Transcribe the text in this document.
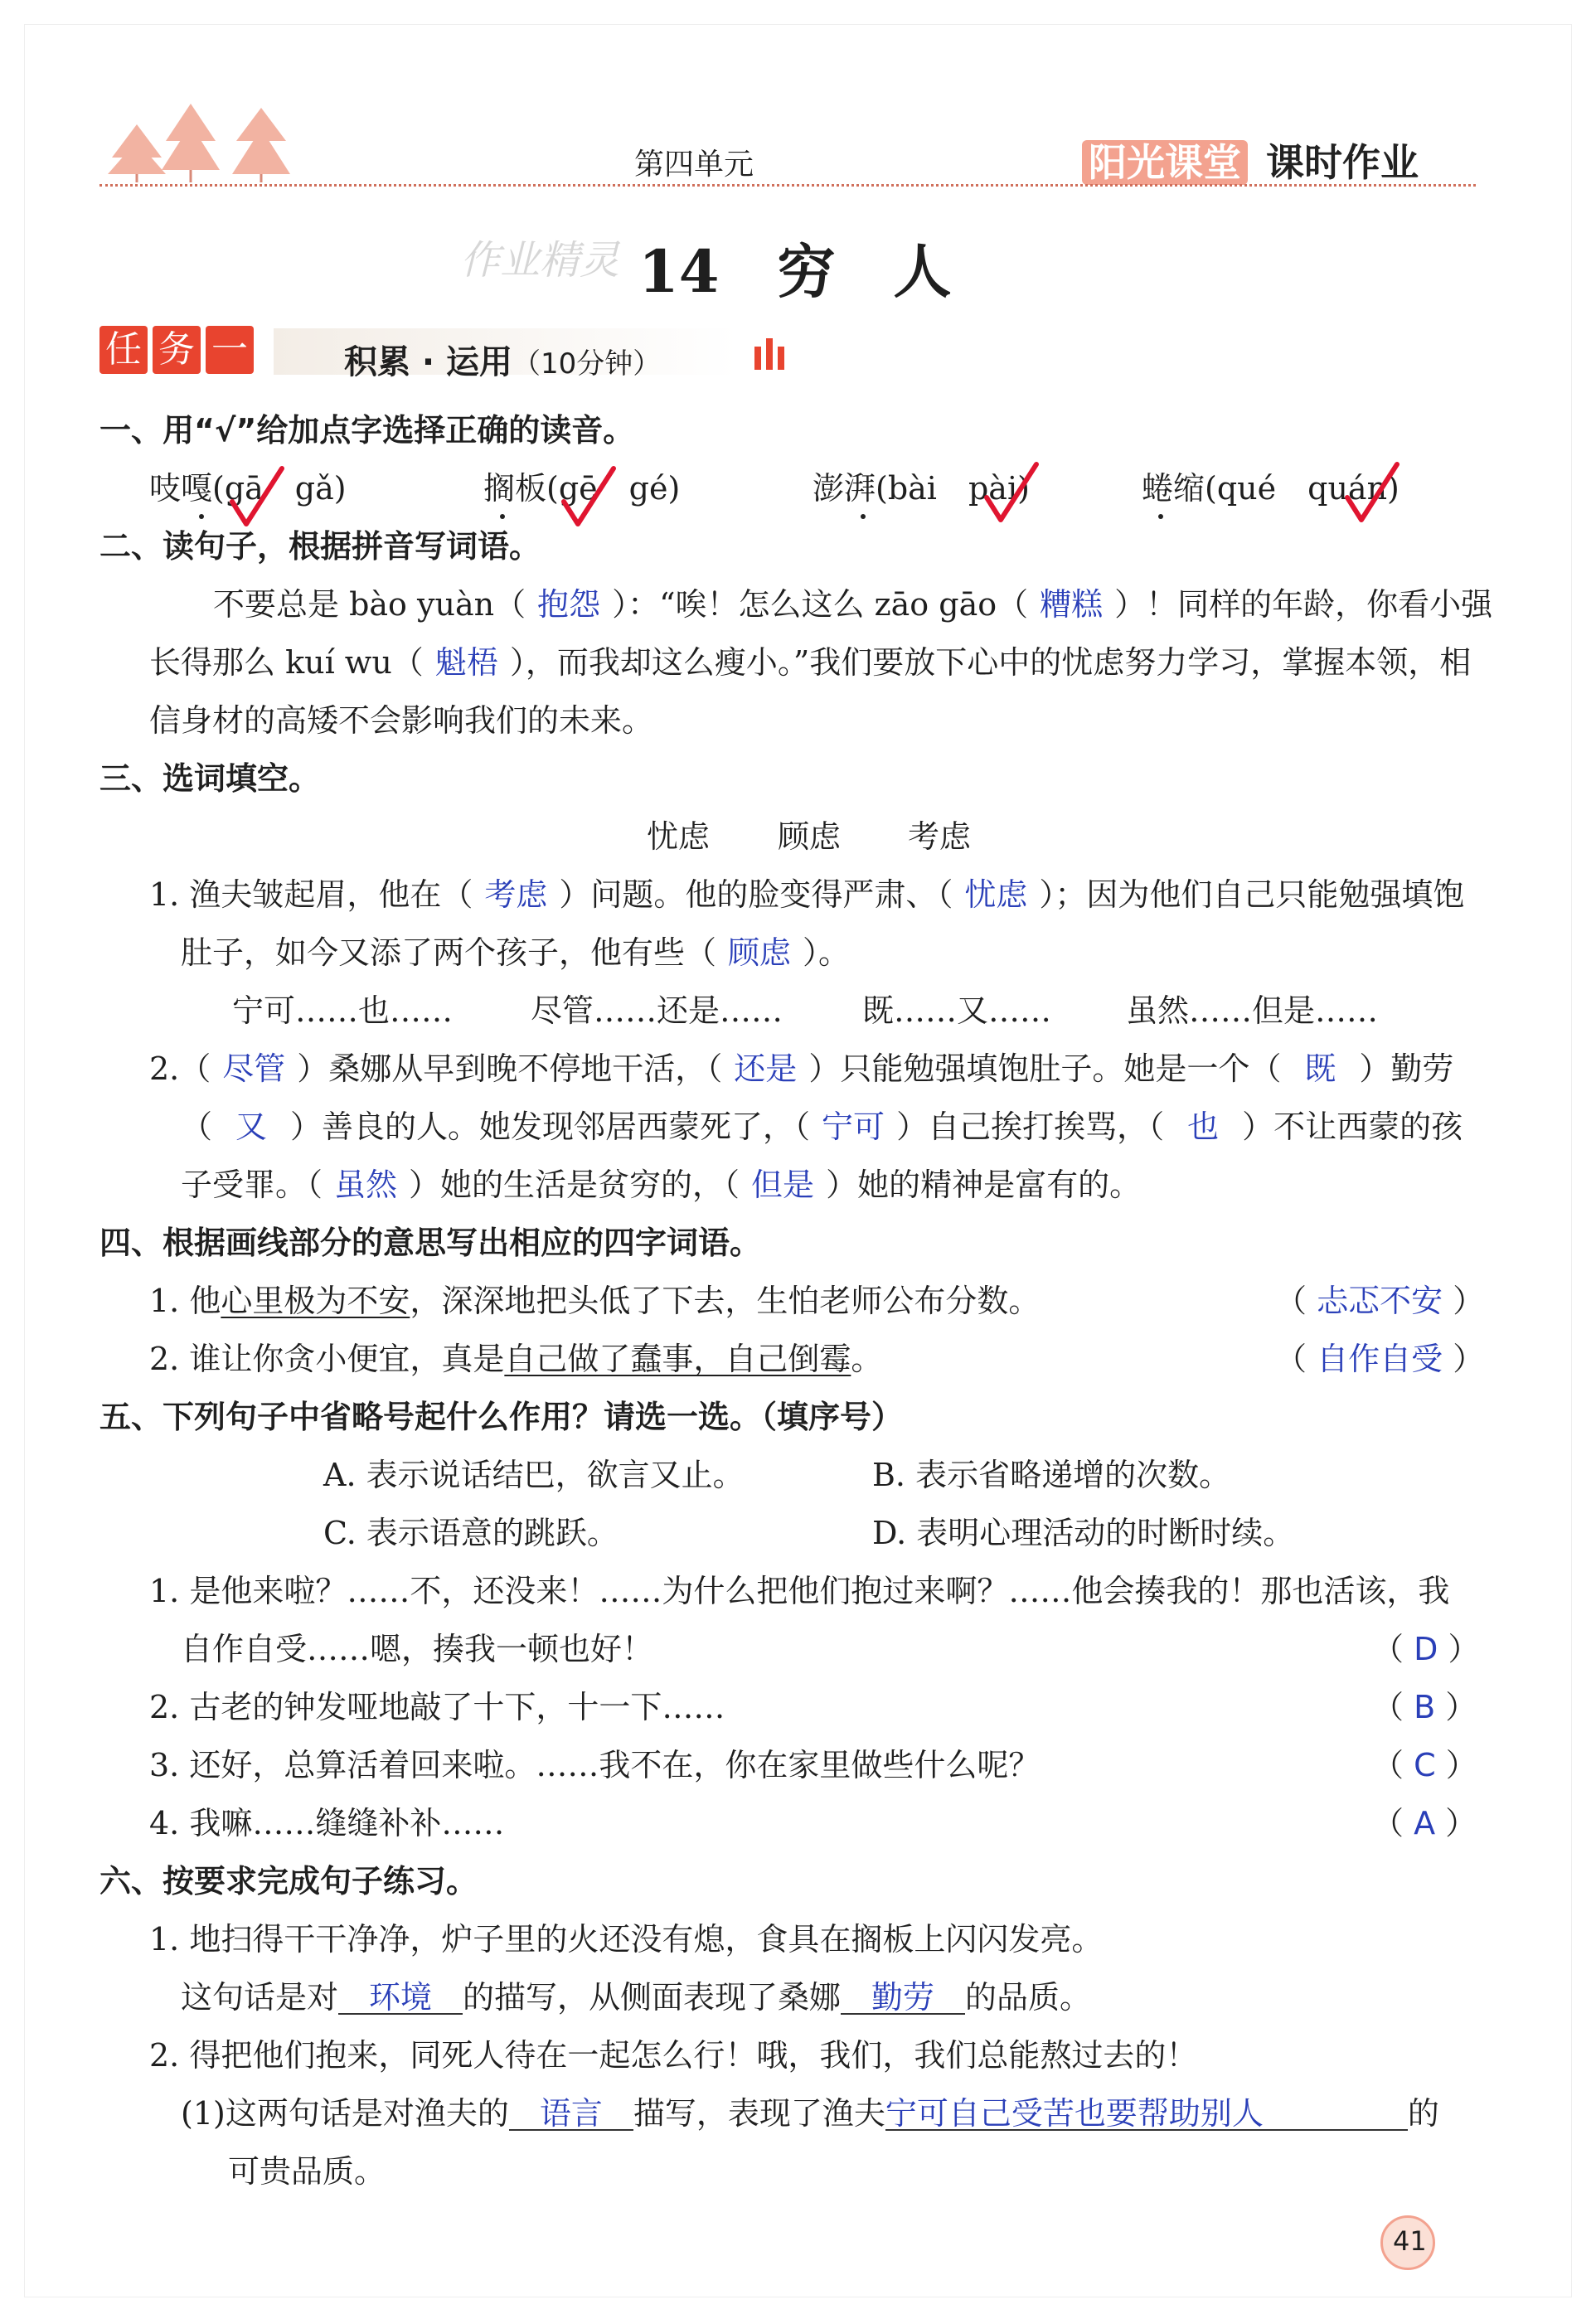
第四单元	阳光课堂 课时作业
作业精灵 14　穷　人
任 务 一	积累 · 运用（10分钟）
一、用“√”给加点字选择正确的读音。
吱嘎(gā　gǎ)	搁板(gē　gé)	澎湃(bài　pài)	蜷缩(qué　quán)
二、读句子，根据拼音写词语。
不要总是 bào yuàn（ 抱怨 ）：“唉！怎么这么 zāo gāo（ 糟糕 ）！同样的年龄，你看小强
长得那么 kuí wu（ 魁梧 ），而我却这么瘦小。”我们要放下心中的忧虑努力学习，掌握本领，相
信身材的高矮不会影响我们的未来。
三、选词填空。
忧虑 顾虑 考虑
1. 渔夫皱起眉，他在（ 考虑 ）问题。他的脸变得严肃、（ 忧虑 ）；因为他们自己只能勉强填饱
肚子，如今又添了两个孩子，他有些（ 顾虑 ）。
宁可……也…… 尽管……还是……	既……又…… 虽然……但是……
2.（ 尽管 ）桑娜从早到晚不停地干活，（ 还是 ）只能勉强填饱肚子。她是一个（ 既 ）勤劳
（ 又 ）善良的人。她发现邻居西蒙死了，（ 宁可 ）自己挨打挨骂，（ 也 ）不让西蒙的孩
子受罪。（ 虽然 ）她的生活是贫穷的，（ 但是 ）她的精神是富有的。
四、根据画线部分的意思写出相应的四字词语。
1. 他心里极为不安，深深地把头低了下去，生怕老师公布分数。	（ 忐忑不安 ）
2. 谁让你贪小便宜，真是自己做了蠢事，自己倒霉。	（ 自作自受 ）
五、下列句子中省略号起什么作用？请选一选。（填序号）
A. 表示说话结巴，欲言又止。	B. 表示省略递增的次数。
C. 表示语意的跳跃。	D. 表明心理活动的时断时续。
1. 是他来啦？……不，还没来！……为什么把他们抱过来啊？……他会揍我的！那也活该，我
自作自受……嗯，揍我一顿也好！	（ D ）
2. 古老的钟发哑地敲了十下，十一下……	（ B ）
3. 还好，总算活着回来啦。……我不在，你在家里做些什么呢？	（ C ）
4. 我嘛……缝缝补补……	（ A ）
六、按要求完成句子练习。
1. 地扫得干干净净，炉子里的火还没有熄，食具在搁板上闪闪发亮。
这句话是对 环境 的描写，从侧面表现了桑娜 勤劳 的品质。
2. 得把他们抱来，同死人待在一起怎么行！哦，我们，我们总能熬过去的！
(1)这两句话是对渔夫的 语言 描写，表现了渔夫宁可自己受苦也要帮助别人	的
可贵品质。
41
